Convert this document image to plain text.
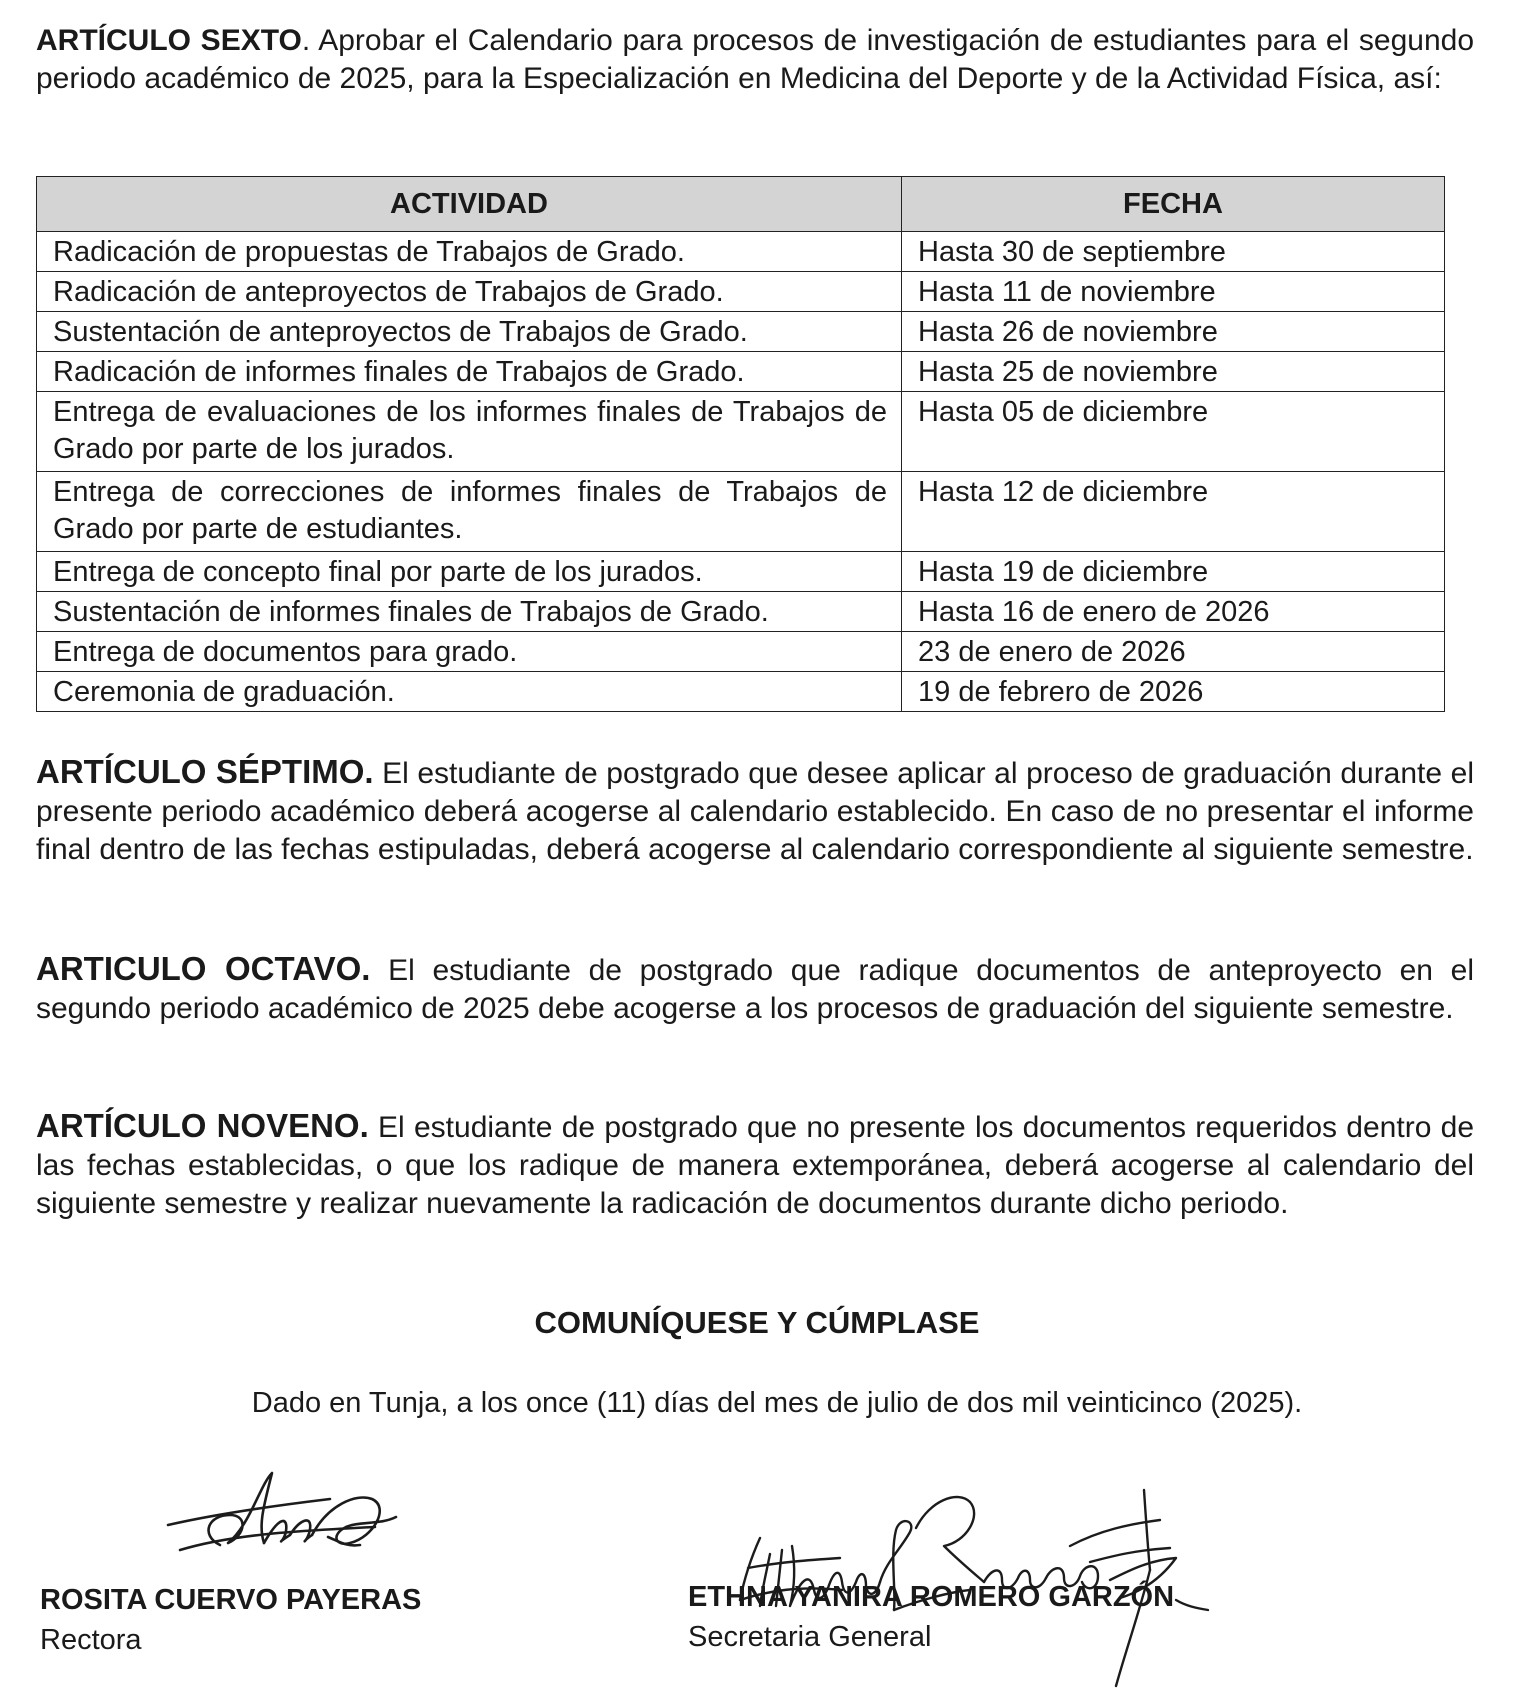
ARTÍCULO SEXTO. Aprobar el Calendario para procesos de investigación de estudiantes para el segundo periodo académico de 2025, para la Especialización en Medicina del Deporte y de la Actividad Física, así:

ACTIVIDAD	FECHA
Radicación de propuestas de Trabajos de Grado.	Hasta 30 de septiembre
Radicación de anteproyectos de Trabajos de Grado.	Hasta 11 de noviembre
Sustentación de anteproyectos de Trabajos de Grado.	Hasta 26 de noviembre
Radicación de informes finales de Trabajos de Grado.	Hasta 25 de noviembre
Entrega de evaluaciones de los informes finales de Trabajos de Grado por parte de los jurados.	Hasta 05 de diciembre
Entrega de correcciones de informes finales de Trabajos de Grado por parte de estudiantes.	Hasta 12 de diciembre
Entrega de concepto final por parte de los jurados.	Hasta 19 de diciembre
Sustentación de informes finales de Trabajos de Grado.	Hasta 16 de enero de 2026
Entrega de documentos para grado.	23 de enero de 2026
Ceremonia de graduación.	19 de febrero de 2026

ARTÍCULO SÉPTIMO. El estudiante de postgrado que desee aplicar al proceso de graduación durante el presente periodo académico deberá acogerse al calendario establecido. En caso de no presentar el informe final dentro de las fechas estipuladas, deberá acogerse al calendario correspondiente al siguiente semestre.

ARTICULO OCTAVO. El estudiante de postgrado que radique documentos de anteproyecto en el segundo periodo académico de 2025 debe acogerse a los procesos de graduación del siguiente semestre.

ARTÍCULO NOVENO. El estudiante de postgrado que no presente los documentos requeridos dentro de las fechas establecidas, o que los radique de manera extemporánea, deberá acogerse al calendario del siguiente semestre y realizar nuevamente la radicación de documentos durante dicho periodo.

COMUNÍQUESE Y CÚMPLASE

Dado en Tunja, a los once (11) días del mes de julio de dos mil veinticinco (2025).

ROSITA CUERVO PAYERAS
Rectora
ETHNA YANIRA ROMERO GARZÓN
Secretaria General
